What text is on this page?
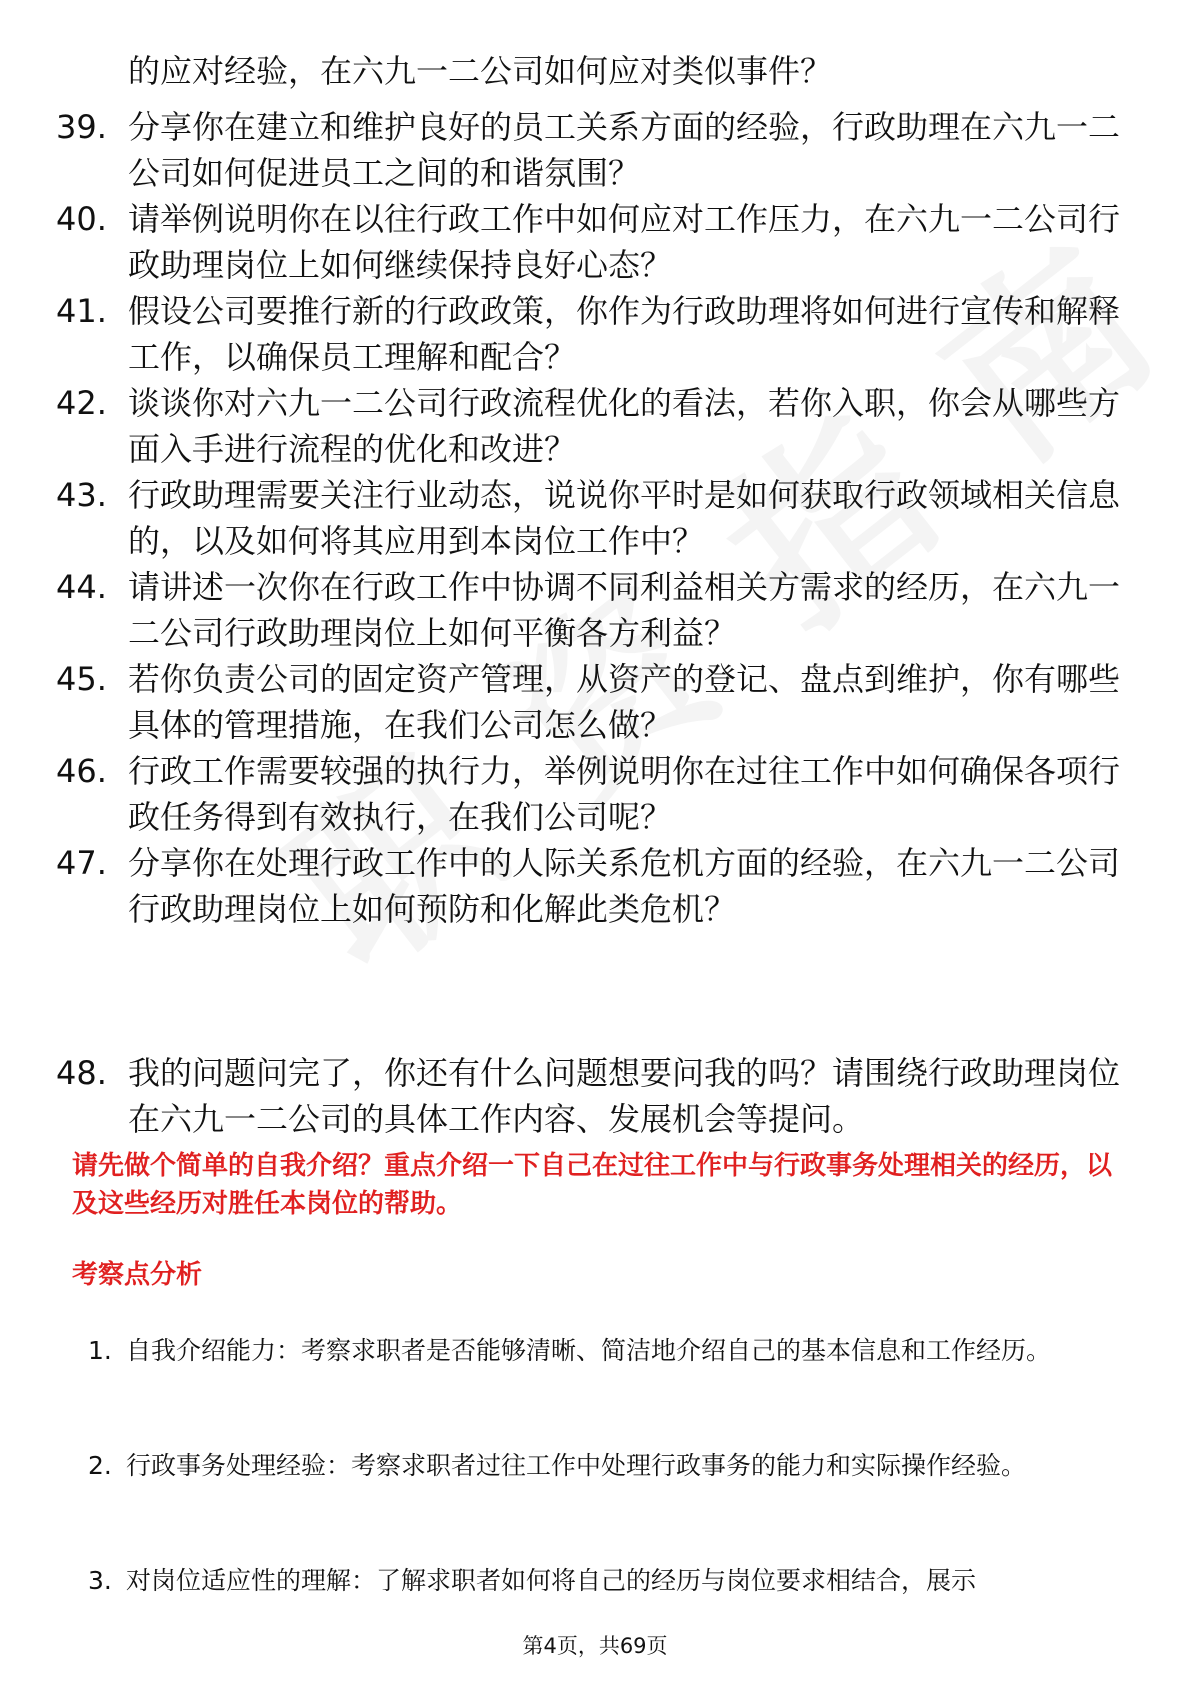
的应对经验，在六九一二公司如何应对类似事件？
39. 分享你在建立和维护良好的员工关系方面的经验，行政助理在六九一二公司如何促进员工之间的和谐氛围？
40. 请举例说明你在以往行政工作中如何应对工作压力，在六九一二公司行政助理岗位上如何继续保持良好心态？
41. 假设公司要推行新的行政政策，你作为行政助理将如何进行宣传和解释工作，以确保员工理解和配合？
42. 谈谈你对六九一二公司行政流程优化的看法，若你入职，你会从哪些方面入手进行流程的优化和改进？
43. 行政助理需要关注行业动态，说说你平时是如何获取行政领域相关信息的，以及如何将其应用到本岗位工作中？
44. 请讲述一次你在行政工作中协调不同利益相关方需求的经历，在六九一二公司行政助理岗位上如何平衡各方利益？
45. 若你负责公司的固定资产管理，从资产的登记、盘点到维护，你有哪些具体的管理措施，在我们公司怎么做？
46. 行政工作需要较强的执行力，举例说明你在过往工作中如何确保各项行政任务得到有效执行，在我们公司呢？
47. 分享你在处理行政工作中的人际关系危机方面的经验，在六九一二公司行政助理岗位上如何预防和化解此类危机？
48. 我的问题问完了，你还有什么问题想要问我的吗？请围绕行政助理岗位在六九一二公司的具体工作内容、发展机会等提问。
请先做个简单的自我介绍？重点介绍一下自己在过往工作中与行政事务处理相关的经历，以及这些经历对胜任本岗位的帮助。
考察点分析
1. 自我介绍能力：考察求职者是否能够清晰、简洁地介绍自己的基本信息和工作经历。
2. 行政事务处理经验：考察求职者过往工作中处理行政事务的能力和实际操作经验。
3. 对岗位适应性的理解：了解求职者如何将自己的经历与岗位要求相结合，展示
第4页，共69页
